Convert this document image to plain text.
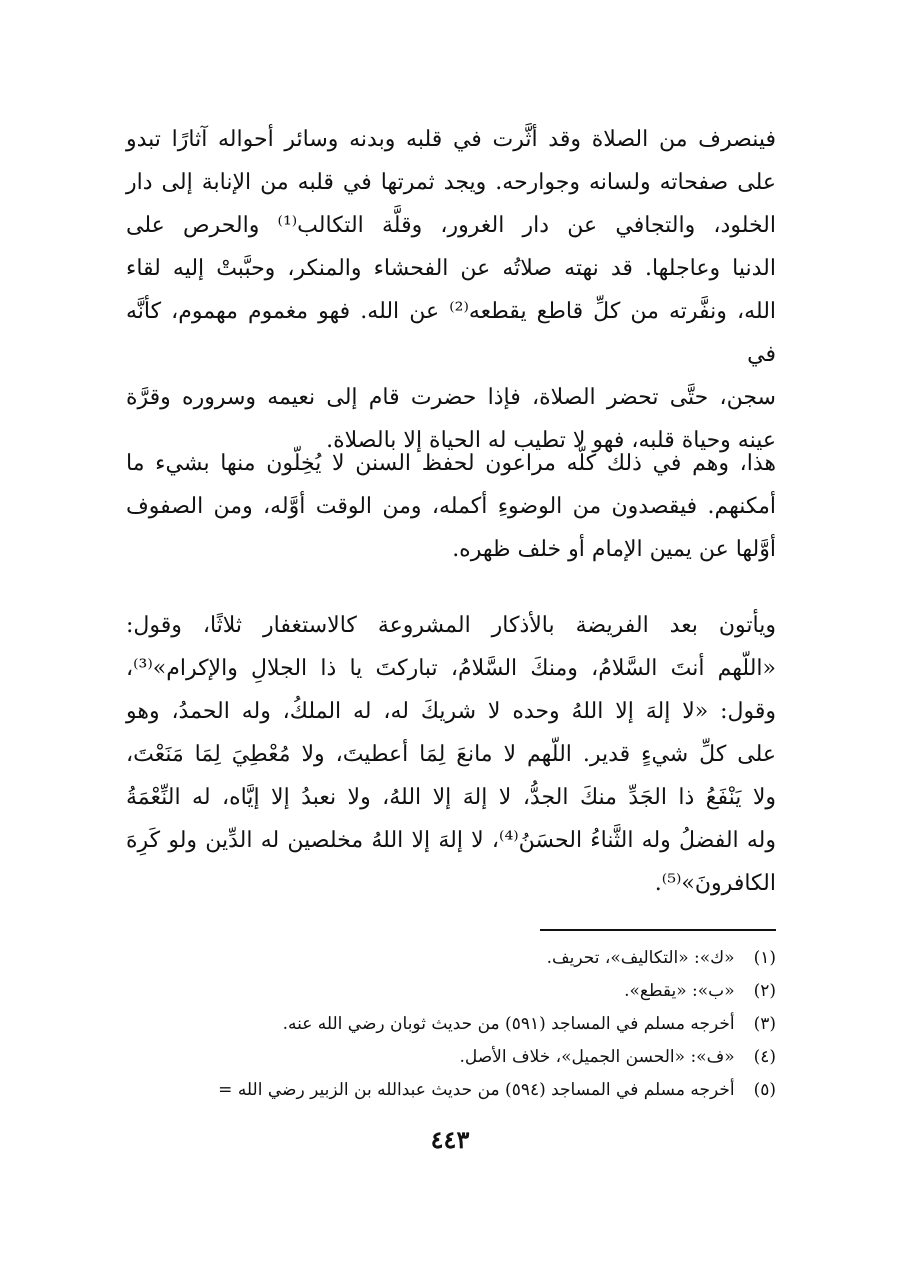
فينصرف من الصلاة وقد أثَّرت في قلبه وبدنه وسائر أحواله آثارًا تبدو
على صفحاته ولسانه وجوارحه. ويجد ثمرتها في قلبه من الإنابة إلى دار
الخلود، والتجافي عن دار الغرور، وقلَّة التكالب⁽¹⁾ والحرص على
الدنيا وعاجلها. قد نهته صلاتُه عن الفحشاء والمنكر، وحبَّبتْ إليه لقاء
الله، ونفَّرته من كلِّ قاطع يقطعه⁽²⁾ عن الله. فهو مغموم مهموم، كأنَّه في
سجن، حتَّى تحضر الصلاة، فإذا حضرت قام إلى نعيمه وسروره وقرَّة
عينه وحياة قلبه، فهو لا تطيب له الحياة إلا بالصلاة.

هذا، وهم في ذلك كلّه مراعون لحفظ السنن لا يُخِلّون منها بشيء ما
أمكنهم. فيقصدون من الوضوءِ أكمله، ومن الوقت أوَّله، ومن الصفوف
أوَّلها عن يمين الإمام أو خلف ظهره.

ويأتون بعد الفريضة بالأذكار المشروعة كالاستغفار ثلاثًا، وقول:
«اللّهم أنتَ السَّلامُ، ومنكَ السَّلامُ، تباركتَ يا ذا الجلالِ والإكرام»⁽³⁾،
وقول: «لا إلهَ إلا اللهُ وحده لا شريكَ له، له الملكُ، وله الحمدُ، وهو
على كلِّ شيءٍ قدير. اللّهم لا مانعَ لِمَا أعطيتَ، ولا مُعْطِيَ لِمَا مَنَعْتَ،
ولا يَنْفَعُ ذا الجَدِّ منكَ الجدُّ، لا إلهَ إلا اللهُ، ولا نعبدُ إلا إيَّاه، له النِّعْمَةُ
وله الفضلُ وله الثَّناءُ الحسَنُ⁽⁴⁾، لا إلهَ إلا اللهُ مخلصين له الدِّين ولو كَرِهَ
الكافرونَ»⁽⁵⁾.

(١) «ك»: «التكاليف»، تحريف.
(٢) «ب»: «يقطع».
(٣) أخرجه مسلم في المساجد (٥٩١) من حديث ثوبان رضي الله عنه.
(٤) «ف»: «الحسن الجميل»، خلاف الأصل.
(٥) أخرجه مسلم في المساجد (٥٩٤) من حديث عبدالله بن الزبير رضي الله =
٤٤٣
